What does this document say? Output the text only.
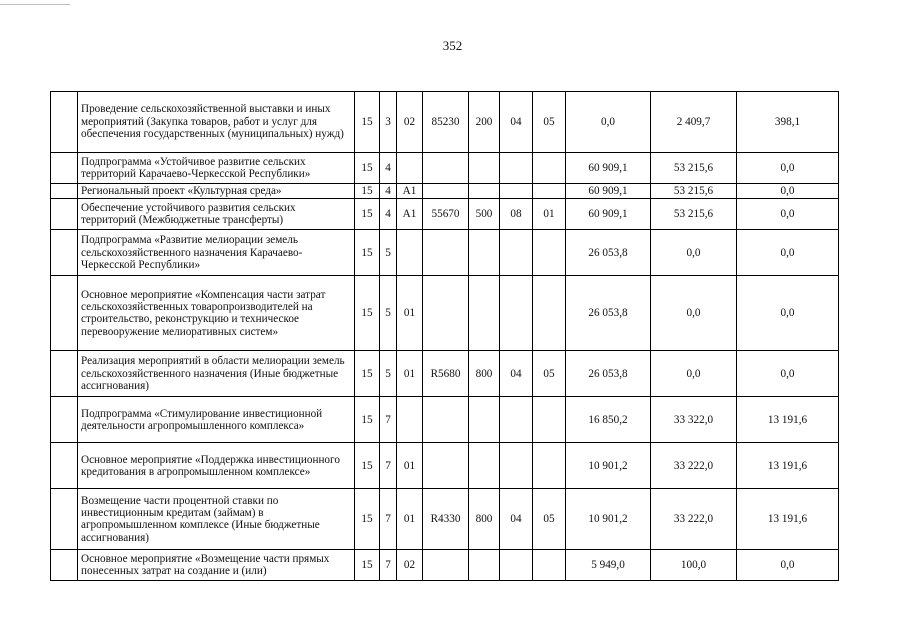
352
	Проведение сельскохозяйственной выставки и иных мероприятий (Закупка товаров, работ и услуг для обеспечения государственных (муниципальных) нужд)	15	3	02	85230	200	04	05	0,0	2 409,7	398,1
	Подпрограмма «Устойчивое развитие сельских территорий Карачаево-Черкесской Республики»	15	4						60 909,1	53 215,6	0,0
	Региональный проект «Культурная среда»	15	4	A1					60 909,1	53 215,6	0,0
	Обеспечение устойчивого развития сельских территорий (Межбюджетные трансферты)	15	4	A1	55670	500	08	01	60 909,1	53 215,6	0,0
	Подпрограмма «Развитие мелиорации земель сельскохозяйственного назначения Карачаево-Черкесской Республики»	15	5						26 053,8	0,0	0,0
	Основное мероприятие «Компенсация части затрат сельскохозяйственных товаропроизводителей на строительство, реконструкцию и техническое перевооружение мелиоративных систем»	15	5	01					26 053,8	0,0	0,0
	Реализация мероприятий в области мелиорации земель сельскохозяйственного назначения (Иные бюджетные ассигнования)	15	5	01	R5680	800	04	05	26 053,8	0,0	0,0
	Подпрограмма «Стимулирование инвестиционной деятельности агропромышленного комплекса»	15	7						16 850,2	33 322,0	13 191,6
	Основное мероприятие «Поддержка инвестиционного кредитования в агропромышленном комплексе»	15	7	01					10 901,2	33 222,0	13 191,6
	Возмещение части процентной ставки по инвестиционным кредитам (займам) в агропромышленном комплексе (Иные бюджетные ассигнования)	15	7	01	R4330	800	04	05	10 901,2	33 222,0	13 191,6
	Основное мероприятие «Возмещение части прямых понесенных затрат на создание и (или)	15	7	02					5 949,0	100,0	0,0
